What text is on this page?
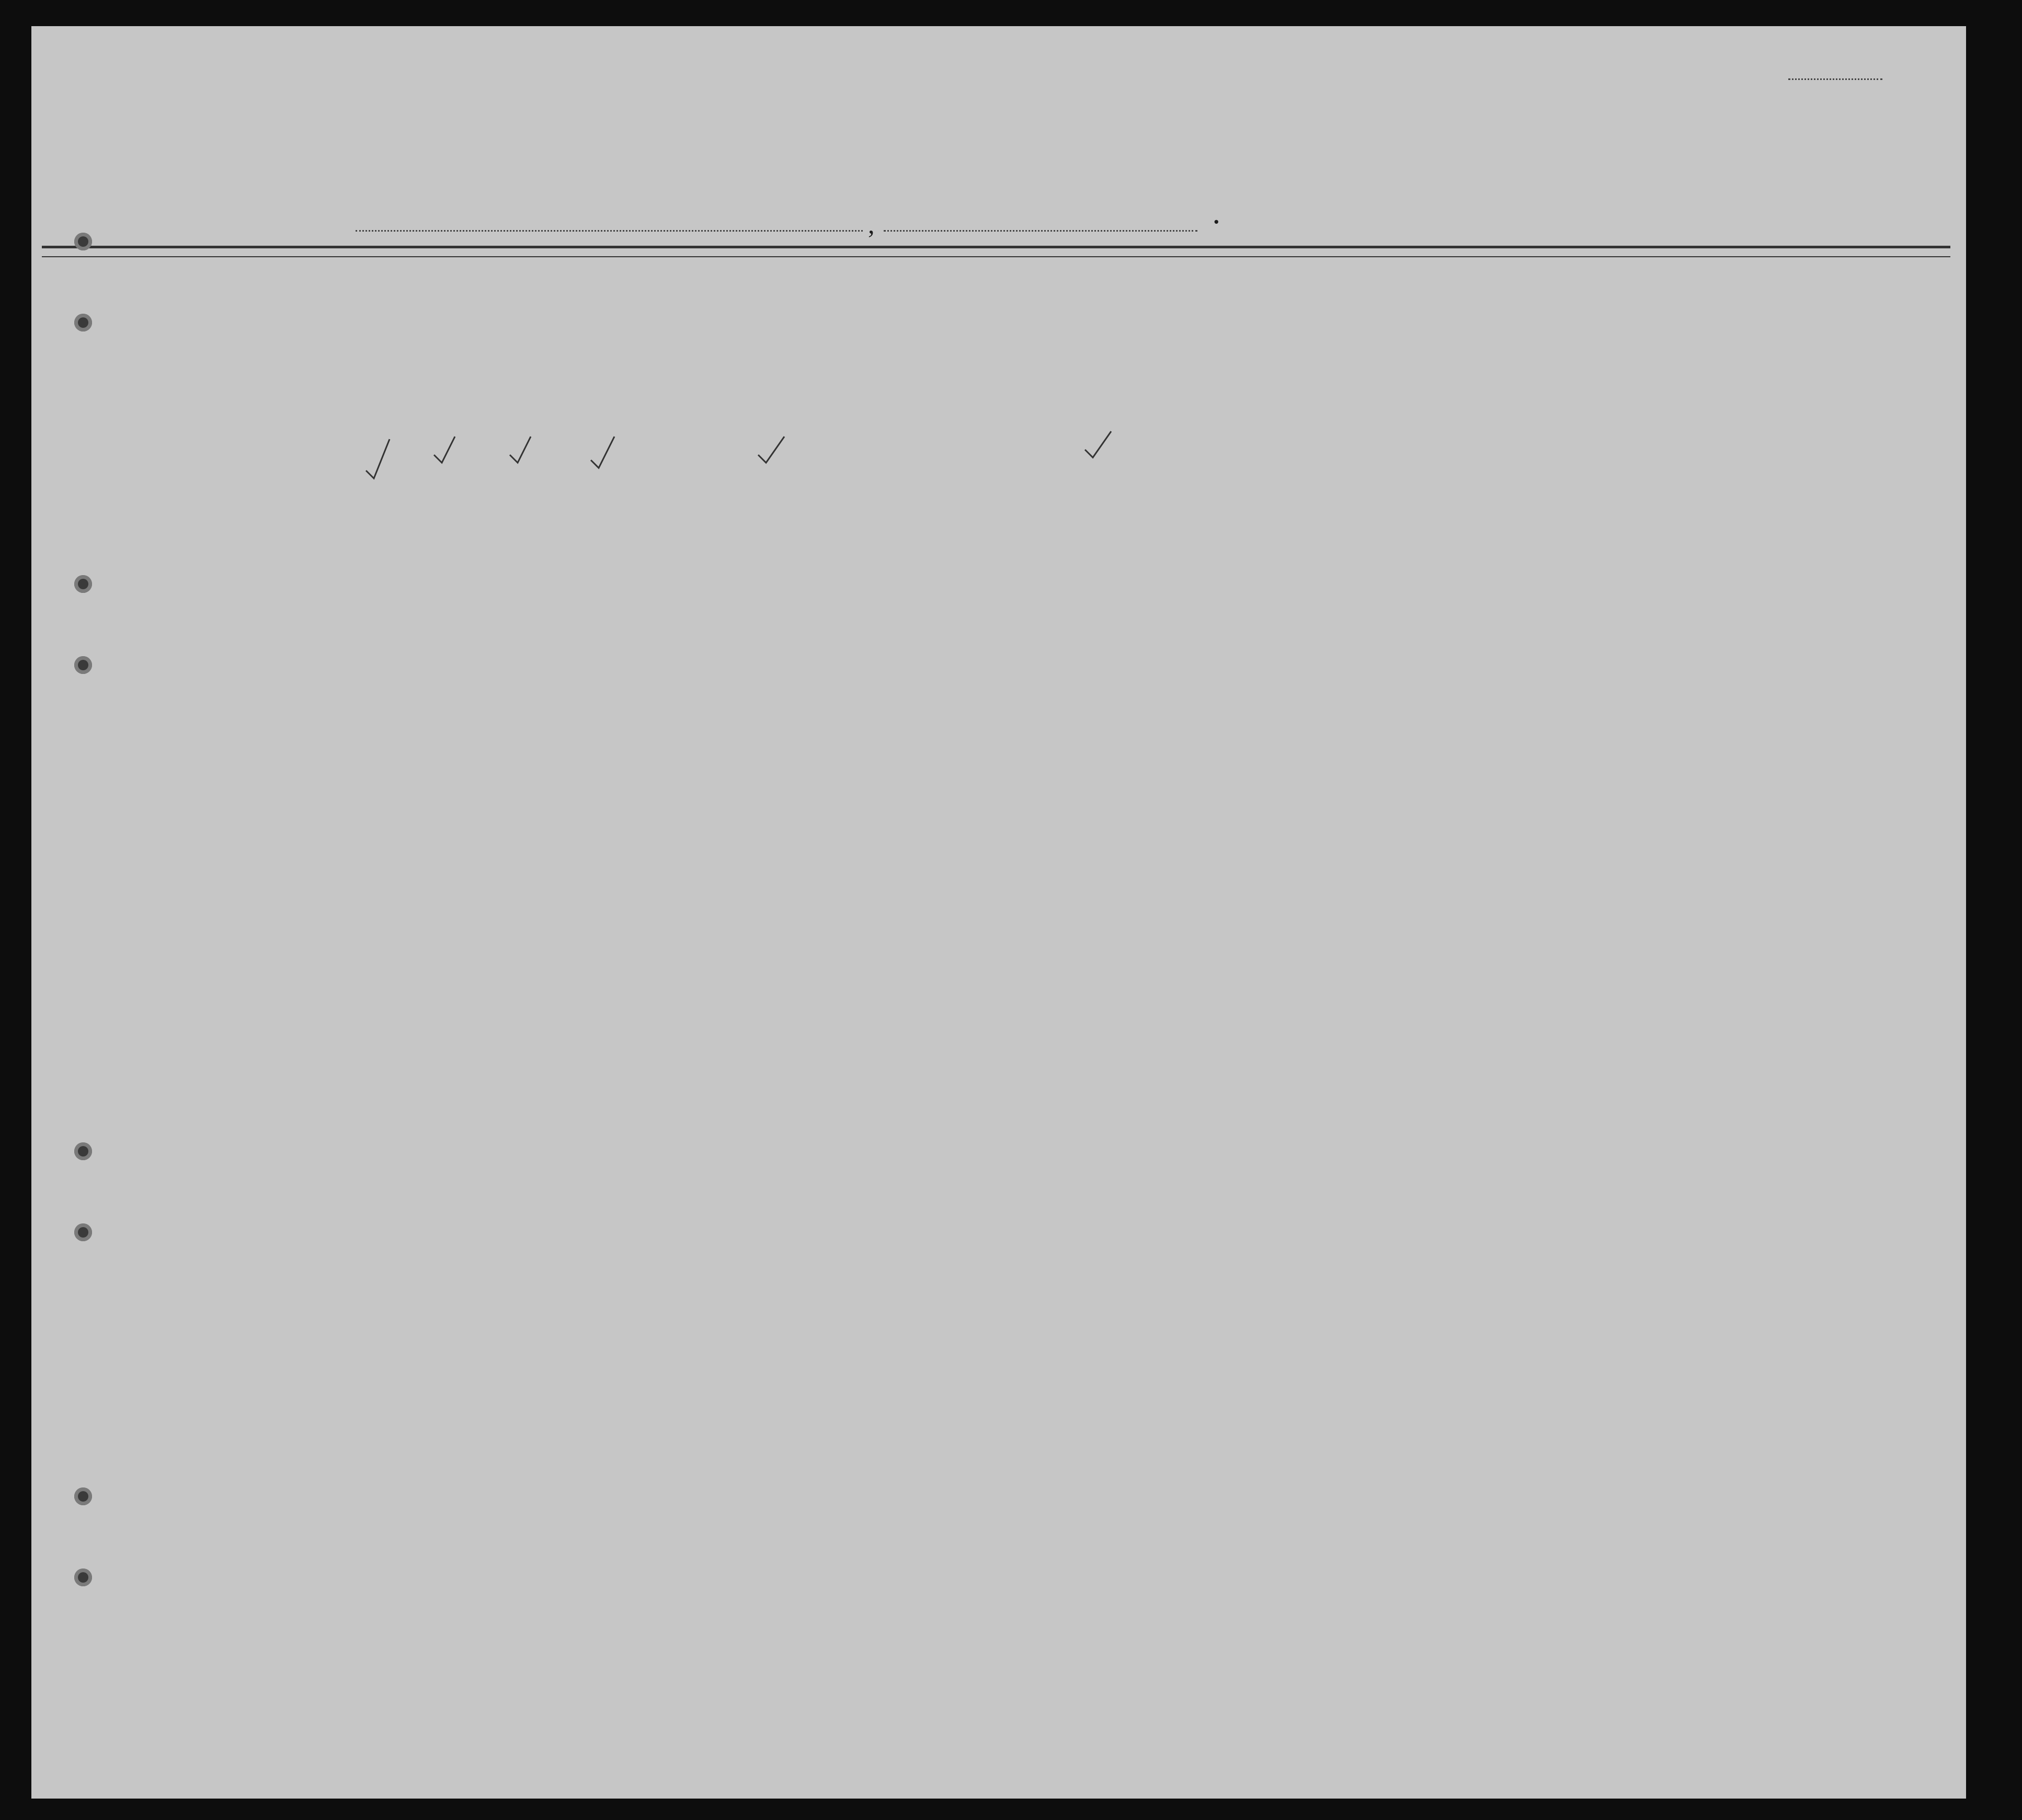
,	.
